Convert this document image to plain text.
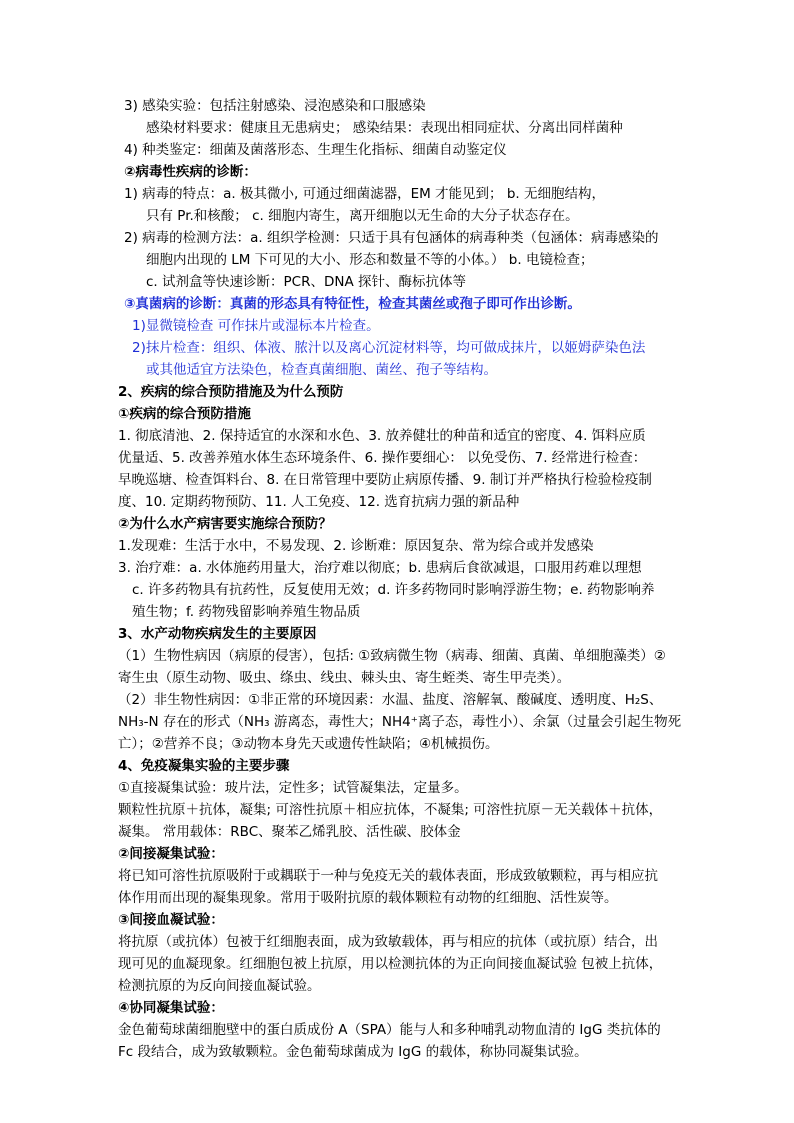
3) 感染实验：包括注射感染、浸泡感染和口服感染
感染材料要求：健康且无患病史； 感染结果：表现出相同症状、分离出同样菌种
4) 种类鉴定：细菌及菌落形态、生理生化指标、细菌自动鉴定仪
②病毒性疾病的诊断：
1) 病毒的特点：a. 极其微小, 可通过细菌滤器，EM 才能见到； b. 无细胞结构，
只有 Pr.和核酸； c. 细胞内寄生，离开细胞以无生命的大分子状态存在。
2) 病毒的检测方法：a. 组织学检测：只适于具有包涵体的病毒种类（包涵体：病毒感染的
细胞内出现的 LM 下可见的大小、形态和数量不等的小体。） b. 电镜检查；
c. 试剂盒等快速诊断：PCR、DNA 探针、酶标抗体等
③真菌病的诊断：真菌的形态具有特征性，检查其菌丝或孢子即可作出诊断。
1)显微镜检查 可作抹片或湿标本片检查。
2)抹片检查：组织、体液、脓汁以及离心沉淀材料等，均可做成抹片，以姬姆萨染色法
或其他适宜方法染色，检查真菌细胞、菌丝、孢子等结构。
2、疾病的综合预防措施及为什么预防
①疾病的综合预防措施
1. 彻底清池、2. 保持适宜的水深和水色、3. 放养健壮的种苗和适宜的密度、4. 饵料应质
优量适、5. 改善养殖水体生态环境条件、6. 操作要细心： 以免受伤、7. 经常进行检查：
早晚巡塘、检查饵料台、8. 在日常管理中要防止病原传播、9. 制订并严格执行检验检疫制
度、10. 定期药物预防、11. 人工免疫、12. 选育抗病力强的新品种
②为什么水产病害要实施综合预防？
1.发现难：生活于水中，不易发现、2. 诊断难：原因复杂、常为综合或并发感染
3. 治疗难：a. 水体施药用量大，治疗难以彻底；b. 患病后食欲减退，口服用药难以理想
c. 许多药物具有抗药性，反复使用无效；d. 许多药物同时影响浮游生物；e. 药物影响养
殖生物；f. 药物残留影响养殖生物品质
3、水产动物疾病发生的主要原因
（1）生物性病因（病原的侵害），包括: ①致病微生物（病毒、细菌、真菌、单细胞藻类）②
寄生虫（原生动物、吸虫、绦虫、线虫、棘头虫、寄生蛭类、寄生甲壳类）。
（2）非生物性病因：①非正常的环境因素：水温、盐度、溶解氧、酸碱度、透明度、H₂S、
NH₃-N 存在的形式（NH₃ 游离态，毒性大；NH4⁺离子态，毒性小）、余氯（过量会引起生物死
亡）；②营养不良；③动物本身先天或遗传性缺陷；④机械损伤。
4、免疫凝集实验的主要步骤
①直接凝集试验：玻片法，定性多；试管凝集法，定量多。
颗粒性抗原＋抗体，凝集; 可溶性抗原＋相应抗体，不凝集; 可溶性抗原－无关载体＋抗体，
凝集。 常用载体：RBC、聚苯乙烯乳胶、活性碳、胶体金
②间接凝集试验：
将已知可溶性抗原吸附于或耦联于一种与免疫无关的载体表面，形成致敏颗粒，再与相应抗
体作用而出现的凝集现象。常用于吸附抗原的载体颗粒有动物的红细胞、活性炭等。
③间接血凝试验：
将抗原（或抗体）包被于红细胞表面，成为致敏载体，再与相应的抗体（或抗原）结合，出
现可见的血凝现象。红细胞包被上抗原，用以检测抗体的为正向间接血凝试验 包被上抗体，
检测抗原的为反向间接血凝试验。
④协同凝集试验：
金色葡萄球菌细胞壁中的蛋白质成份 A（SPA）能与人和多种哺乳动物血清的 IgG 类抗体的
Fc 段结合，成为致敏颗粒。金色葡萄球菌成为 IgG 的载体，称协同凝集试验。
